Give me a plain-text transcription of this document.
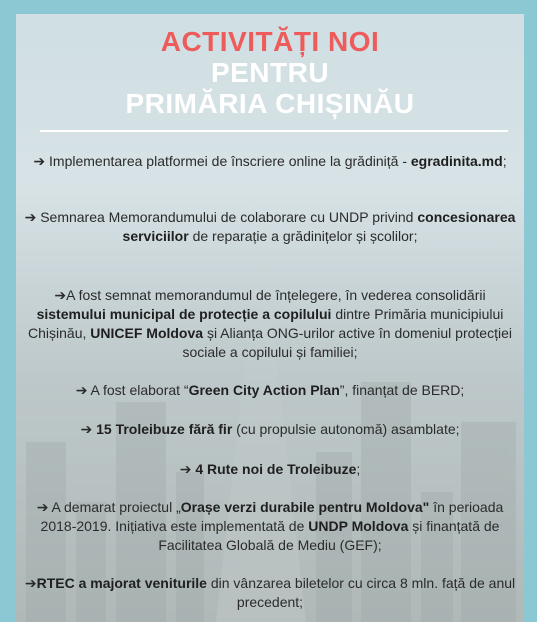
ACTIVITĂȚI NOI
PENTRU
PRIMĂRIA CHIȘINĂU
➔ Implementarea platformei de înscriere online la grădiniță - egradinita.md;
➔ Semnarea Memorandumului de colaborare cu UNDP privind concesionarea serviciilor de reparație a grădinițelor și școlilor;
➔A fost semnat memorandumul de înțelegere, în vederea consolidării sistemului municipal de protecție a copilului dintre Primăria municipiului Chișinău, UNICEF Moldova și Alianța ONG-urilor active în domeniul protecției sociale a copilului și familiei;
➔ A fost elaborat “Green City Action Plan”, finanțat de BERD;
➔ 15 Troleibuze fără fir (cu propulsie autonomă) asamblate;
➔ 4 Rute noi de Troleibuze;
➔ A demarat proiectul „Orașe verzi durabile pentru Moldova" în perioada 2018-2019. Inițiativa este implementată de UNDP Moldova și finanțată de Facilitatea Globală de Mediu (GEF);
➔RTEC a majorat veniturile din vânzarea biletelor cu circa 8 mln. față de anul precedent;
